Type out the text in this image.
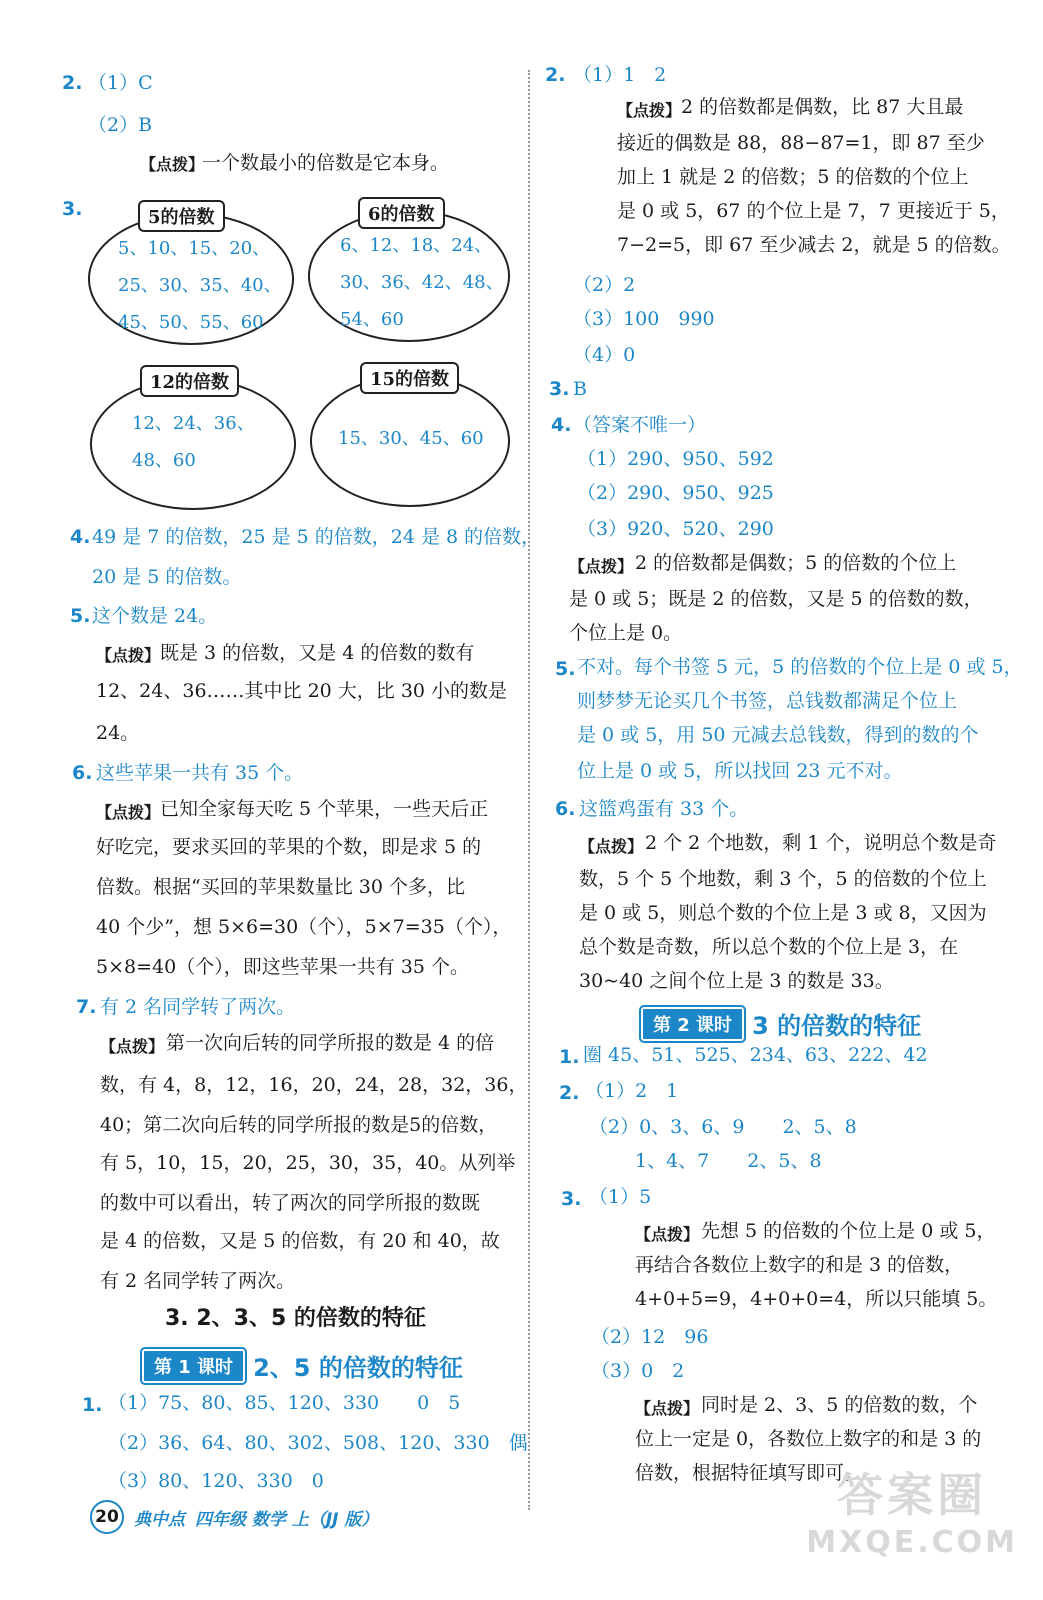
2. （1）C
（2）B
【点拨】
一个数最小的倍数是它本身。
3.	5的倍数
5、10、15、20、
25、30、35、40、
45、50、55、60
6的倍数
6、12、18、24、
30、36、42、48、
54、60
12的倍数
12、24、36、
48、60
15的倍数
15、30、45、60
4. 49 是 7 的倍数，25 是 5 的倍数，24 是 8 的倍数，
20 是 5 的倍数。
5. 这个数是 24。
【点拨】 既是 3 的倍数，又是 4 的倍数的数有
12、24、36……其中比 20 大，比 30 小的数是
24。
6. 这些苹果一共有 35 个。
【点拨】 已知全家每天吃 5 个苹果，一些天后正
好吃完，要求买回的苹果的个数，即是求 5 的
倍数。根据“买回的苹果数量比 30 个多，比
40 个少”，想 5×6=30（个），5×7=35（个），
5×8=40（个），即这些苹果一共有 35 个。
7. 有 2 名同学转了两次。
【点拨】 第一次向后转的同学所报的数是 4 的倍
数，有 4，8，12，16，20，24，28，32，36，
40；第二次向后转的同学所报的数是5的倍数，
有 5，10，15，20，25，30，35，40。从列举
的数中可以看出，转了两次的同学所报的数既
是 4 的倍数，又是 5 的倍数，有 20 和 40，故
有 2 名同学转了两次。
3. 2、3、5 的倍数的特征
第 1 课时 2、5 的倍数的特征
1. （1）75、80、85、120、330　　0　5
（2）36、64、80、302、508、120、330　偶
（3）80、120、330　0
2. （1）1　2
【点拨】 2 的倍数都是偶数，比 87 大且最
接近的偶数是 88，88−87=1，即 87 至少
加上 1 就是 2 的倍数；5 的倍数的个位上
是 0 或 5，67 的个位上是 7，7 更接近于 5，
7−2=5，即 67 至少减去 2，就是 5 的倍数。
（2）2
（3）100　990
（4）0
3. B
4. （答案不唯一）
（1）290、950、592
（2）290、950、925
（3）920、520、290
【点拨】 2 的倍数都是偶数；5 的倍数的个位上
是 0 或 5；既是 2 的倍数，又是 5 的倍数的数，
个位上是 0。
5. 不对。每个书签 5 元，5 的倍数的个位上是 0 或 5，
则梦梦无论买几个书签，总钱数都满足个位上
是 0 或 5，用 50 元减去总钱数，得到的数的个
位上是 0 或 5，所以找回 23 元不对。
6. 这篮鸡蛋有 33 个。
【点拨】 2 个 2 个地数，剩 1 个，说明总个数是奇
数，5 个 5 个地数，剩 3 个，5 的倍数的个位上
是 0 或 5，则总个数的个位上是 3 或 8，又因为
总个数是奇数，所以总个数的个位上是 3，在
30~40 之间个位上是 3 的数是 33。
第 2 课时 3 的倍数的特征
1. 圈 45、51、525、234、63、222、42
2. （1）2　1
（2）0、3、6、9　　2、5、8
1、4、7　　2、5、8
3. （1）5
【点拨】 先想 5 的倍数的个位上是 0 或 5，
再结合各数位上数字的和是 3 的倍数，
4+0+5=9，4+0+0=4，所以只能填 5。
（2）12　96
（3）0　2
【点拨】 同时是 2、3、5 的倍数的数，个
位上一定是 0，各数位上数字的和是 3 的
倍数，根据特征填写即可。
20 典中点 四年级 数学 上（JJ 版）	答案圈
MXQE.COM
